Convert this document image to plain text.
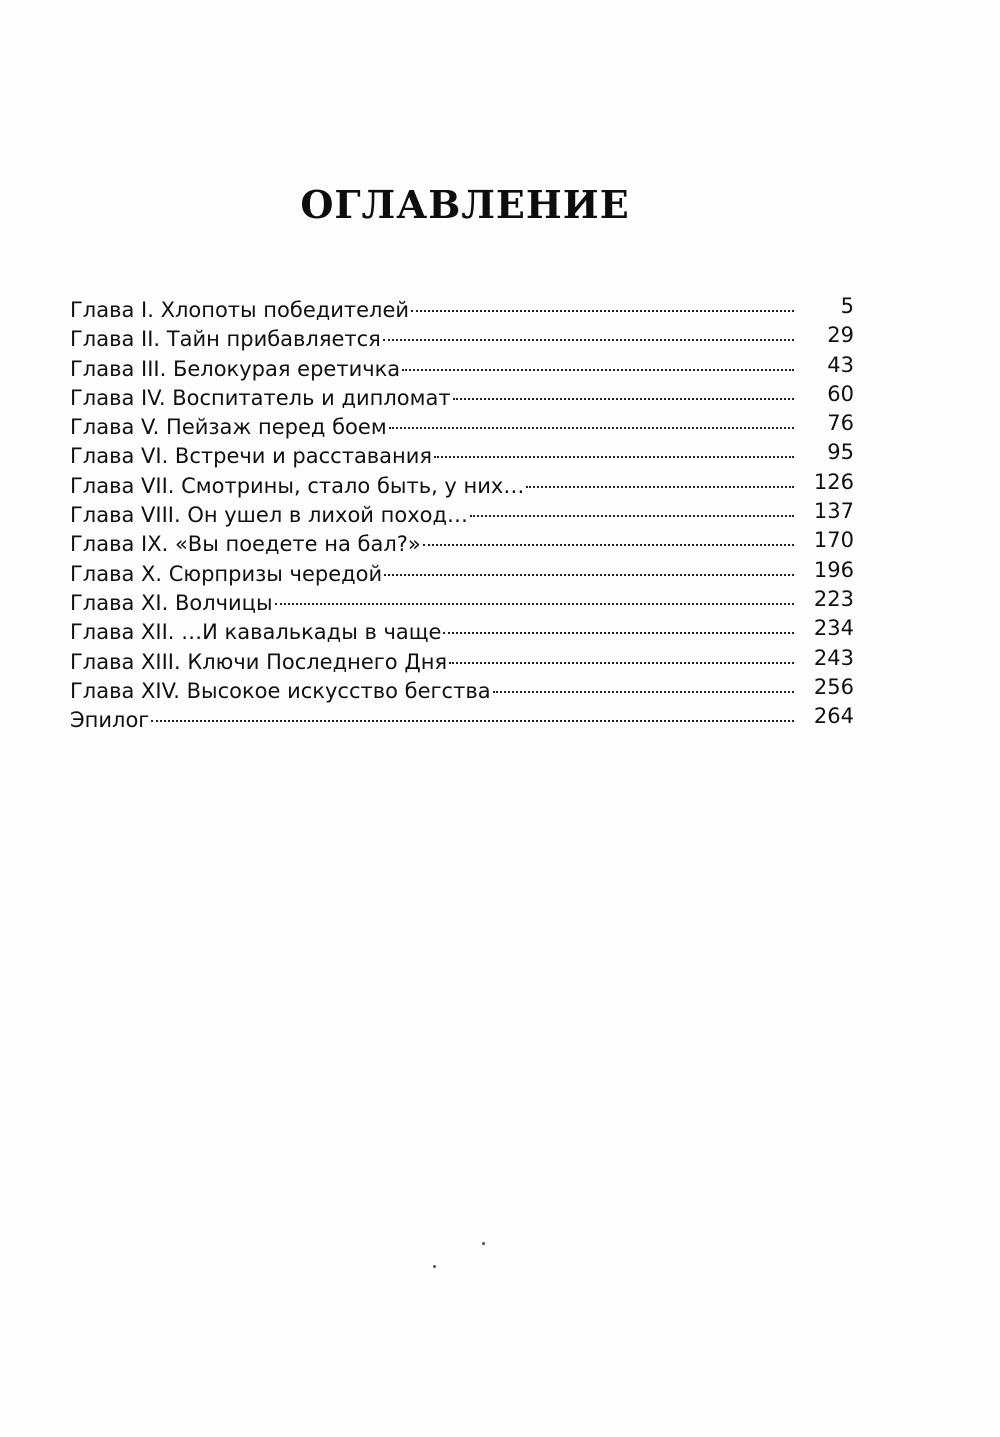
ОГЛАВЛЕНИЕ
Глава I. Хлопоты победителей	5
Глава II. Тайн прибавляется	29
Глава III. Белокурая еретичка	43
Глава IV. Воспитатель и дипломат	60
Глава V. Пейзаж перед боем	76
Глава VI. Встречи и расставания	95
Глава VII. Смотрины, стало быть, у них…	126
Глава VIII. Он ушел в лихой поход…	137
Глава IX. «Вы поедете на бал?»	170
Глава X. Сюрпризы чередой	196
Глава XI. Волчицы	223
Глава XII. …И кавалькады в чаще	234
Глава XIII. Ключи Последнего Дня	243
Глава XIV. Высокое искусство бегства	256
Эпилог	264
